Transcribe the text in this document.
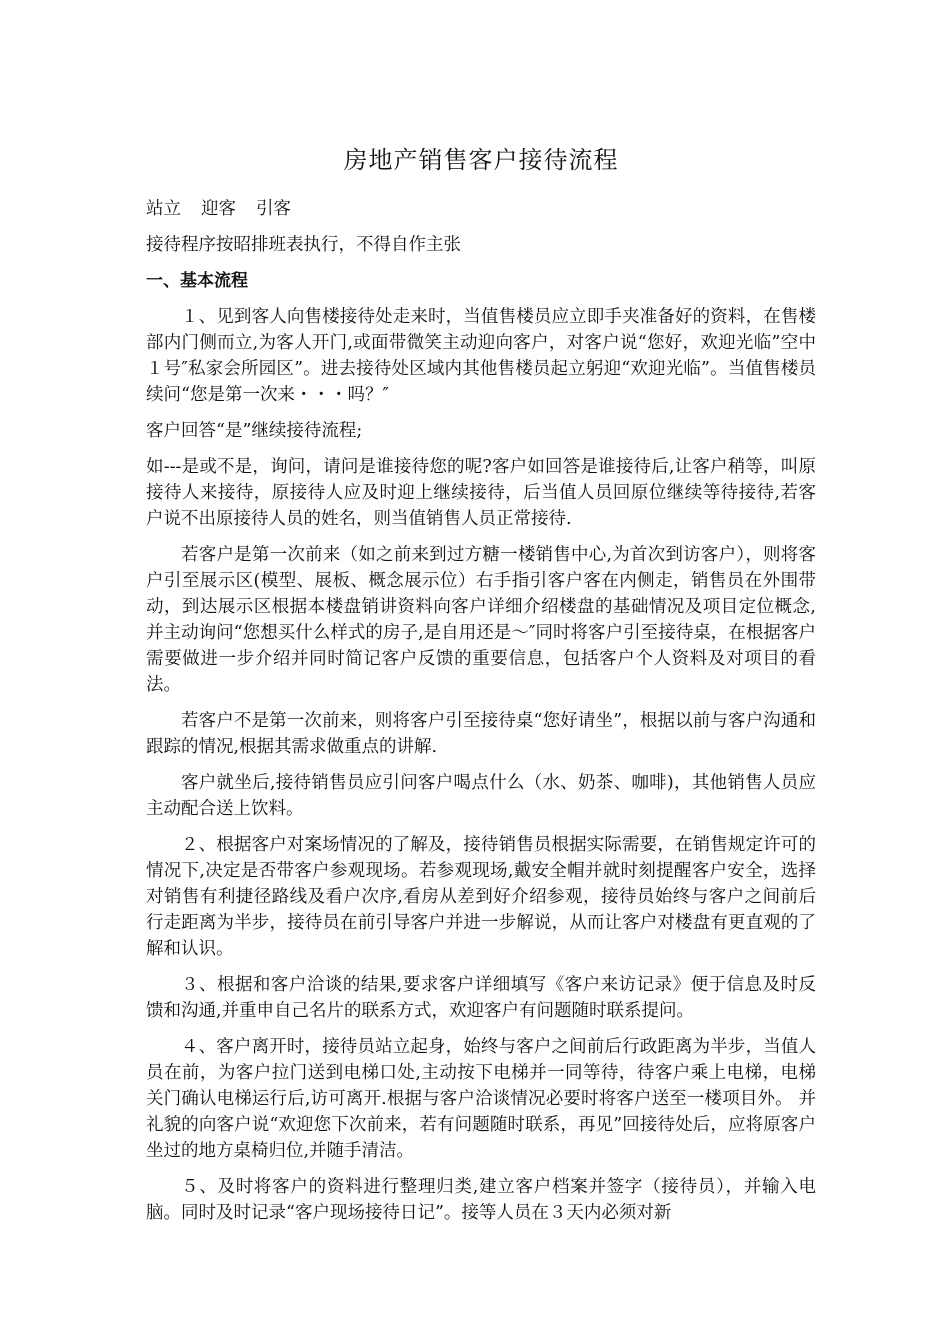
房地产销售客户接待流程

站立 迎客 引客

接待程序按昭排班表执行，不得自作主张

一、基本流程

１、见到客人向售楼接待处走来时，当值售楼员应立即手夹准备好的资料，在售楼部内门侧而立,为客人开门,或面带微笑主动迎向客户，对客户说“您好，欢迎光临”空中１号″私家会所园区”。进去接待处区域内其他售楼员起立躬迎“欢迎光临”。当值售楼员续问“您是第一次来・・・吗？″

客户回答“是”继续接待流程;

如---是或不是，询问，请问是谁接待您的呢?客户如回答是谁接待后,让客户稍等，叫原接待人来接待，原接待人应及时迎上继续接待，后当值人员回原位继续等待接待,若客户说不出原接待人员的姓名，则当值销售人员正常接待.

若客户是第一次前来（如之前来到过方糖一楼销售中心,为首次到访客户），则将客户引至展示区(模型、展板、概念展示位）右手指引客户客在内侧走，销售员在外围带动，到达展示区根据本楼盘销讲资料向客户详细介绍楼盘的基础情况及项目定位概念,并主动询问“您想买什么样式的房子,是自用还是～″同时将客户引至接待桌，在根据客户需要做进一步介绍并同时简记客户反馈的重要信息，包括客户个人资料及对项目的看法。

若客户不是第一次前来，则将客户引至接待桌“您好请坐”，根据以前与客户沟通和跟踪的情况,根据其需求做重点的讲解.

客户就坐后,接待销售员应引问客户喝点什么（水、奶茶、咖啡)，其他销售人员应主动配合送上饮料。

２、根据客户对案场情况的了解及，接待销售员根据实际需要，在销售规定许可的情况下,决定是否带客户参观现场。若参观现场,戴安全帽并就时刻提醒客户安全，选择对销售有利捷径路线及看户次序,看房从差到好介绍参观，接待员始终与客户之间前后行走距离为半步，接待员在前引导客户并进一步解说，从而让客户对楼盘有更直观的了解和认识。

３、根据和客户洽谈的结果,要求客户详细填写《客户来访记录》便于信息及时反馈和沟通,并重申自己名片的联系方式，欢迎客户有问题随时联系提问。

４、客户离开时，接待员站立起身，始终与客户之间前后行政距离为半步，当值人员在前，为客户拉门送到电梯口处,主动按下电梯并一同等待，待客户乘上电梯，电梯关门确认电梯运行后,访可离开.根据与客户洽谈情况必要时将客户送至一楼项目外。 并礼貌的向客户说“欢迎您下次前来，若有问题随时联系，再见”回接待处后，应将原客户坐过的地方桌椅归位,并随手清洁。

５、及时将客户的资料进行整理归类,建立客户档案并签字（接待员），并输入电脑。同时及时记录“客户现场接待日记”。接等人员在３天内必须对新
